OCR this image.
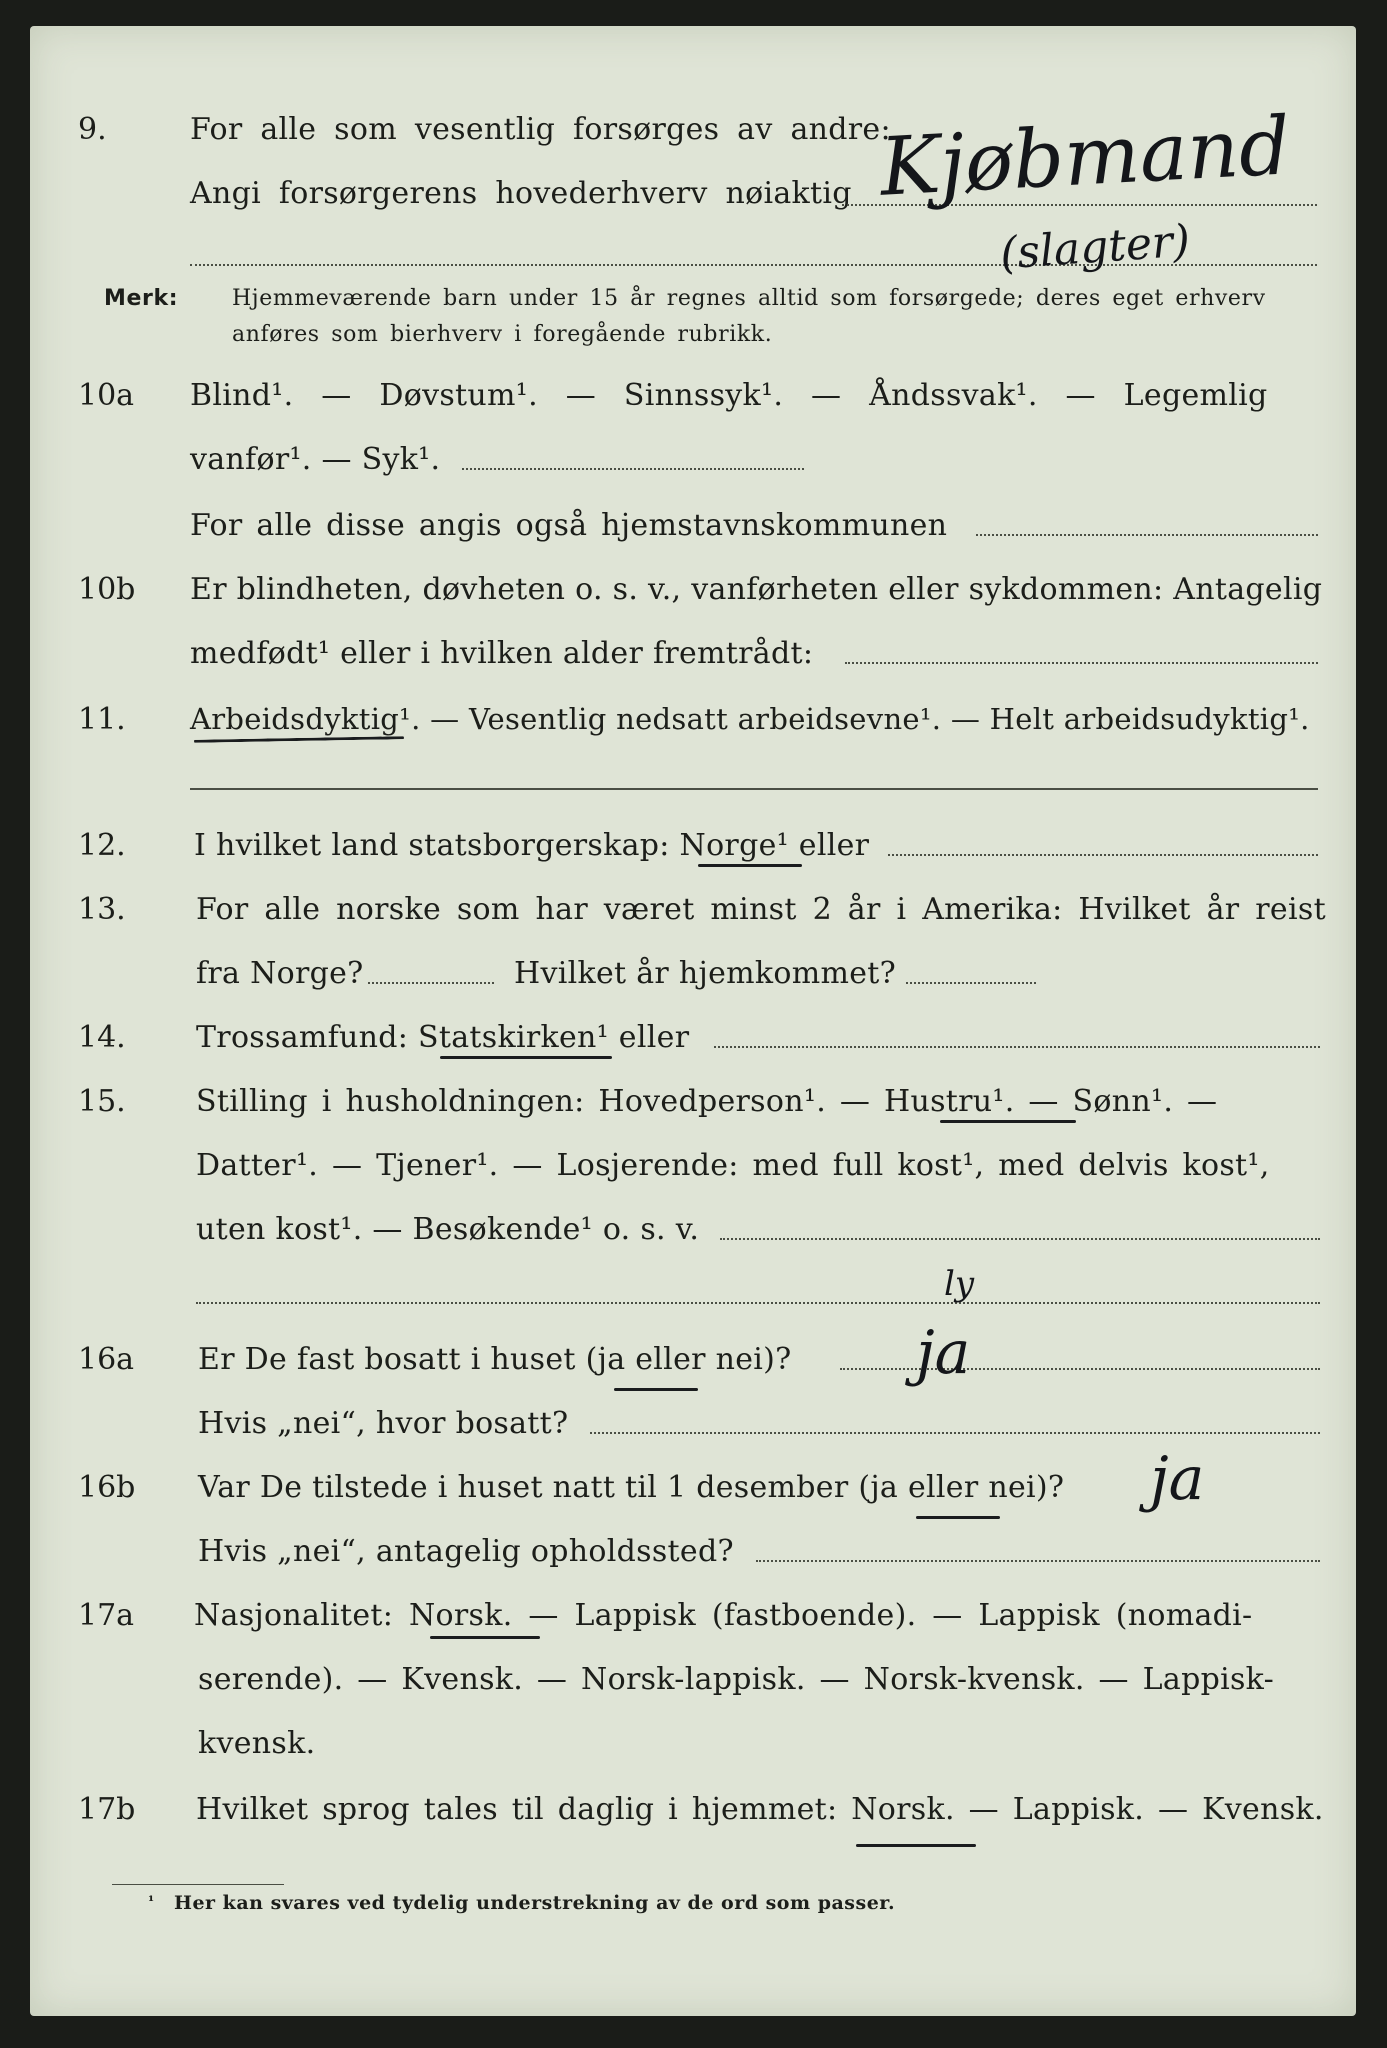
9.	For alle som vesentlig forsørges av andre:
Angi forsørgerens hovederhverv nøiaktig Kjøbmand
(slagter)
Merk: Hjemmeværende barn under 15 år regnes alltid som forsørgede; deres eget erhverv
anføres som bierhverv i foregående rubrikk.
10a Blind¹. — Døvstum¹. — Sinnssyk¹. — Åndssvak¹. — Legemlig
vanfør¹. — Syk¹.
For alle disse angis også hjemstavnskommunen
10b Er blindheten, døvheten o. s. v., vanførheten eller sykdommen: Antagelig
medfødt¹ eller i hvilken alder fremtrådt:
11. Arbeidsdyktig¹. — Vesentlig nedsatt arbeidsevne¹. — Helt arbeidsudyktig¹.
12. I hvilket land statsborgerskap: Norge¹ eller
13. For alle norske som har været minst 2 år i Amerika: Hvilket år reist
fra Norge?	Hvilket år hjemkommet?
14. Trossamfund: Statskirken¹ eller
15. Stilling i husholdningen: Hovedperson¹. — Hustru¹. — Sønn¹. —
Datter¹. — Tjener¹. — Losjerende: med full kost¹, med delvis kost¹,
uten kost¹. — Besøkende¹ o. s. v.
ly
16a Er De fast bosatt i huset (ja eller nei)? ja
Hvis „nei“, hvor bosatt?
16b Var De tilstede i huset natt til 1 desember (ja eller nei)? ja
Hvis „nei“, antagelig opholdssted?
17a Nasjonalitet: Norsk. — Lappisk (fastboende). — Lappisk (nomadi-
serende). — Kvensk. — Norsk-lappisk. — Norsk-kvensk. — Lappisk-
kvensk.
17b Hvilket sprog tales til daglig i hjemmet: Norsk. — Lappisk. — Kvensk.
¹ Her kan svares ved tydelig understrekning av de ord som passer.
